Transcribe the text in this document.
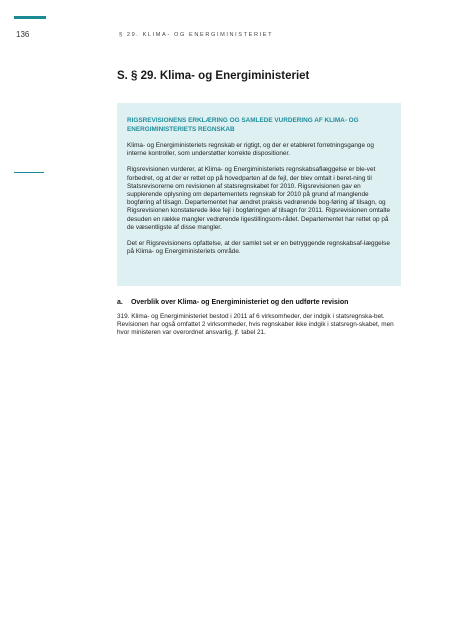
136	§ 29. KLIMA- OG ENERGIMINISTERIET
S. § 29. Klima- og Energiministeriet
RIGSREVISIONENS ERKLÆRING OG SAMLEDE VURDERING AF KLIMA- OG ENERGIMINISTERIETS REGNSKAB

Klima- og Energiministeriets regnskab er rigtigt, og der er etableret forretningsgange og interne kontroller, som understøtter korrekte dispositioner.

Rigsrevisionen vurderer, at Klima- og Energiministeriets regnskabsaflæggelse er ble-vet forbedret, og at der er rettet op på hovedparten af de fejl, der blev omtalt i beret-ning til Statsrevisorerne om revisionen af statsregnskabet for 2010. Rigsrevisionen gav en supplerende oplysning om departementets regnskab for 2010 på grund af manglende bogføring af tilsagn. Departementet har ændret praksis vedrørende bog-føring af tilsagn, og Rigsrevisionen konstaterede ikke fejl i bogføringen af tilsagn for 2011. Rigsrevisionen omtalte desuden en række mangler vedrørende ligestillingsom-rådet. Departementet har rettet op på de væsentligste af disse mangler.

Det er Rigsrevisionens opfattelse, at der samlet set er en betryggende regnskabsaf-læggelse på Klima- og Energiministeriets område.

a. Overblik over Klima- og Energiministeriet og den udførte revision

319. Klima- og Energiministeriet bestod i 2011 af 6 virksomheder, der indgik i statsregnska-bet. Revisionen har også omfattet 2 virksomheder, hvis regnskaber ikke indgik i statsregn-skabet, men hvor ministeren var overordnet ansvarlig, jf. tabel 21.
